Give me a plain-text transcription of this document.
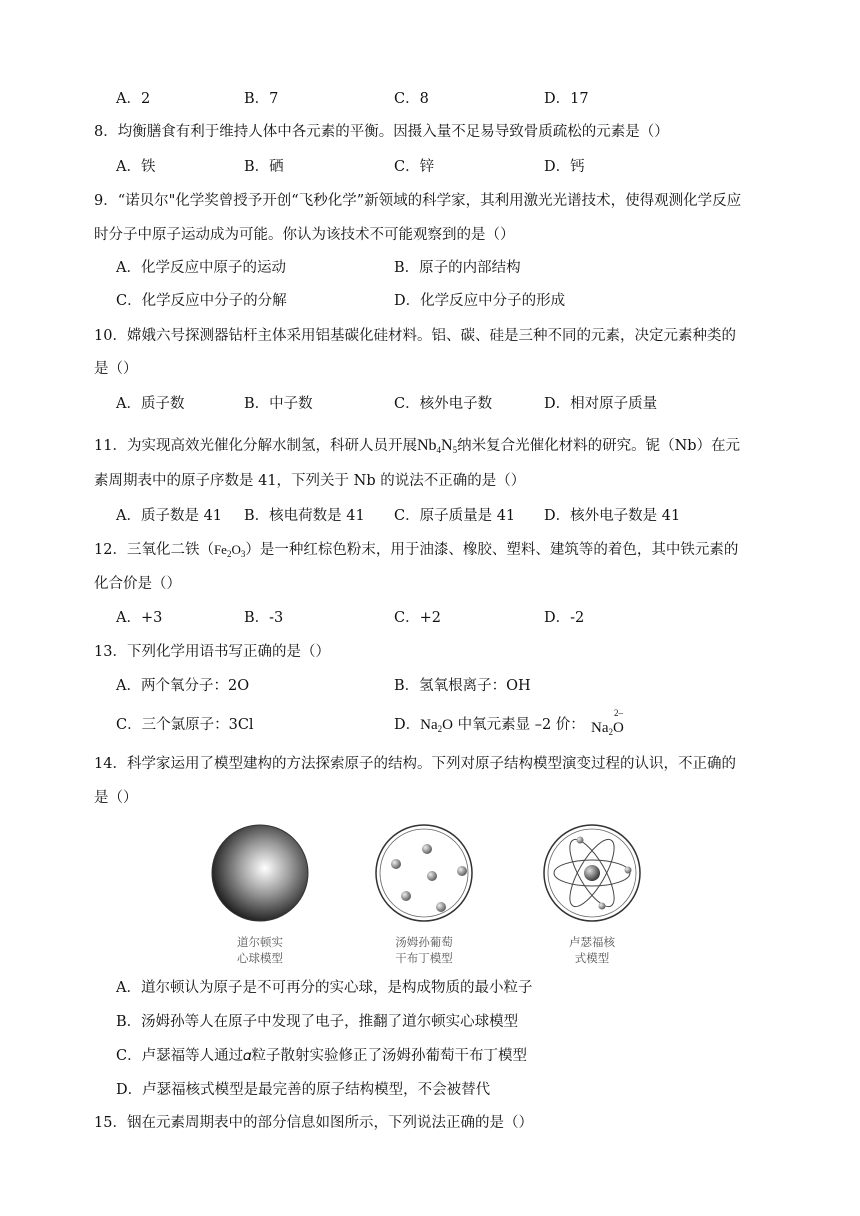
A．2	B．7	C．8	D．17
8．均衡膳食有利于维持人体中各元素的平衡。因摄入量不足易导致骨质疏松的元素是（）
A．铁	B．硒	C．锌	D．钙
9．“诺贝尔"化学奖曾授予开创“飞秒化学”新领域的科学家，其利用激光光谱技术，使得观测化学反应
时分子中原子运动成为可能。你认为该技术不可能观察到的是（）
A．化学反应中原子的运动	B．原子的内部结构
C．化学反应中分子的分解	D．化学反应中分子的形成
10．嫦娥六号探测器钻杆主体采用铝基碳化硅材料。铝、碳、硅是三种不同的元素，决定元素种类的
是（）
A．质子数	B．中子数	C．核外电子数	D．相对原子质量
11．为实现高效光催化分解水制氢，科研人员开展$Nb_4N_5$纳米复合光催化材料的研究。铌（Nb）在元
素周期表中的原子序数是 41，下列关于 Nb 的说法不正确的是（）
A．质子数是 41 B．核电荷数是 41 C．原子质量是 41 D．核外电子数是 41
12．三氧化二铁$(Fe_2O_3)$是一种红棕色粉末，用于油漆、橡胶、塑料、建筑等的着色，其中铁元素的
化合价是（）
A．+3	B．-3	C．+2	D．-2
13．下列化学用语书写正确的是（）
A．两个氧分子：2O	B．氢氧根离子：OH
C．三个氯原子：3Cl	D．$Na_2O$ 中氧元素显 –2 价： $Na_2$
2–
O
14．科学家运用了模型建构的方法探索原子的结构。下列对原子结构模型演变过程的认识，不正确的
是（）
道尔顿实
心球模型
汤姆孙葡萄
干布丁模型
卢瑟福核
式模型
A．道尔顿认为原子是不可再分的实心球，是构成物质的最小粒子
B．汤姆孙等人在原子中发现了电子，推翻了道尔顿实心球模型
C．卢瑟福等人通过𝛼粒子散射实验修正了汤姆孙葡萄干布丁模型
D．卢瑟福核式模型是最完善的原子结构模型，不会被替代
15．铟在元素周期表中的部分信息如图所示，下列说法正确的是（）
